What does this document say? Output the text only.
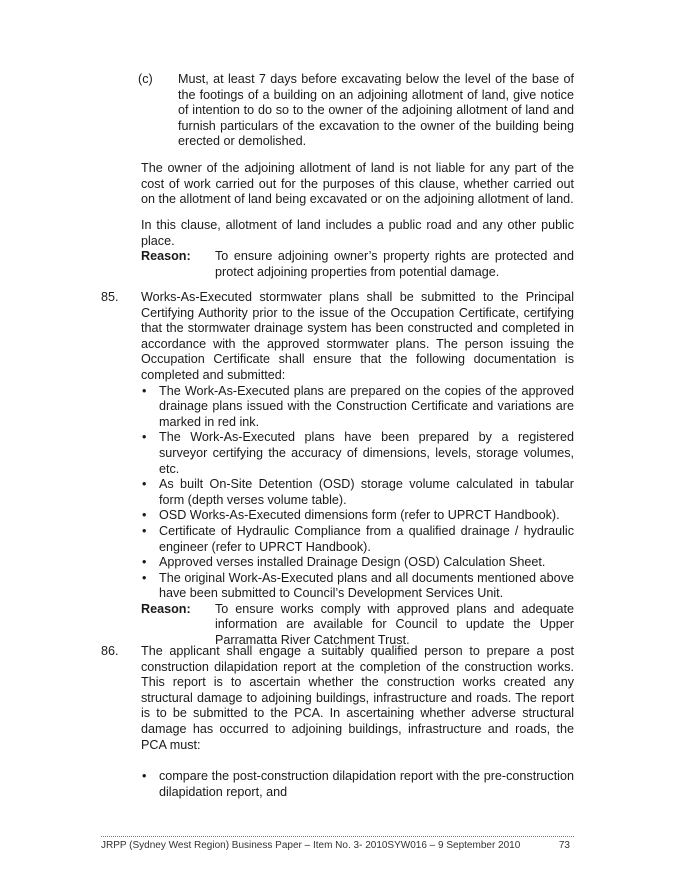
(c) Must, at least 7 days before excavating below the level of the base of the footings of a building on an adjoining allotment of land, give notice of intention to do so to the owner of the adjoining allotment of land and furnish particulars of the excavation to the owner of the building being erected or demolished.

The owner of the adjoining allotment of land is not liable for any part of the cost of work carried out for the purposes of this clause, whether carried out on the allotment of land being excavated or on the adjoining allotment of land.

In this clause, allotment of land includes a public road and any other public place.

Reason:	To ensure adjoining owner’s property rights are protected and protect adjoining properties from potential damage.
85. Works-As-Executed stormwater plans shall be submitted to the Principal Certifying Authority prior to the issue of the Occupation Certificate, certifying that the stormwater drainage system has been constructed and completed in accordance with the approved stormwater plans. The person issuing the Occupation Certificate shall ensure that the following documentation is completed and submitted:

• The Work-As-Executed plans are prepared on the copies of the approved drainage plans issued with the Construction Certificate and variations are marked in red ink.
• The Work-As-Executed plans have been prepared by a registered surveyor certifying the accuracy of dimensions, levels, storage volumes, etc.
• As built On-Site Detention (OSD) storage volume calculated in tabular form (depth verses volume table).
• OSD Works-As-Executed dimensions form (refer to UPRCT Handbook).
• Certificate of Hydraulic Compliance from a qualified drainage / hydraulic engineer (refer to UPRCT Handbook).
• Approved verses installed Drainage Design (OSD) Calculation Sheet.
• The original Work-As-Executed plans and all documents mentioned above have been submitted to Council’s Development Services Unit.
Reason:	To ensure works comply with approved plans and adequate information are available for Council to update the Upper Parramatta River Catchment Trust.
86. The applicant shall engage a suitably qualified person to prepare a post construction dilapidation report at the completion of the construction works. This report is to ascertain whether the construction works created any structural damage to adjoining buildings, infrastructure and roads. The report is to be submitted to the PCA. In ascertaining whether adverse structural damage has occurred to adjoining buildings, infrastructure and roads, the PCA must:

• compare the post-construction dilapidation report with the pre-construction dilapidation report, and
JRPP (Sydney West Region) Business Paper – Item No. 3- 2010SYW016 – 9 September 2010	73
